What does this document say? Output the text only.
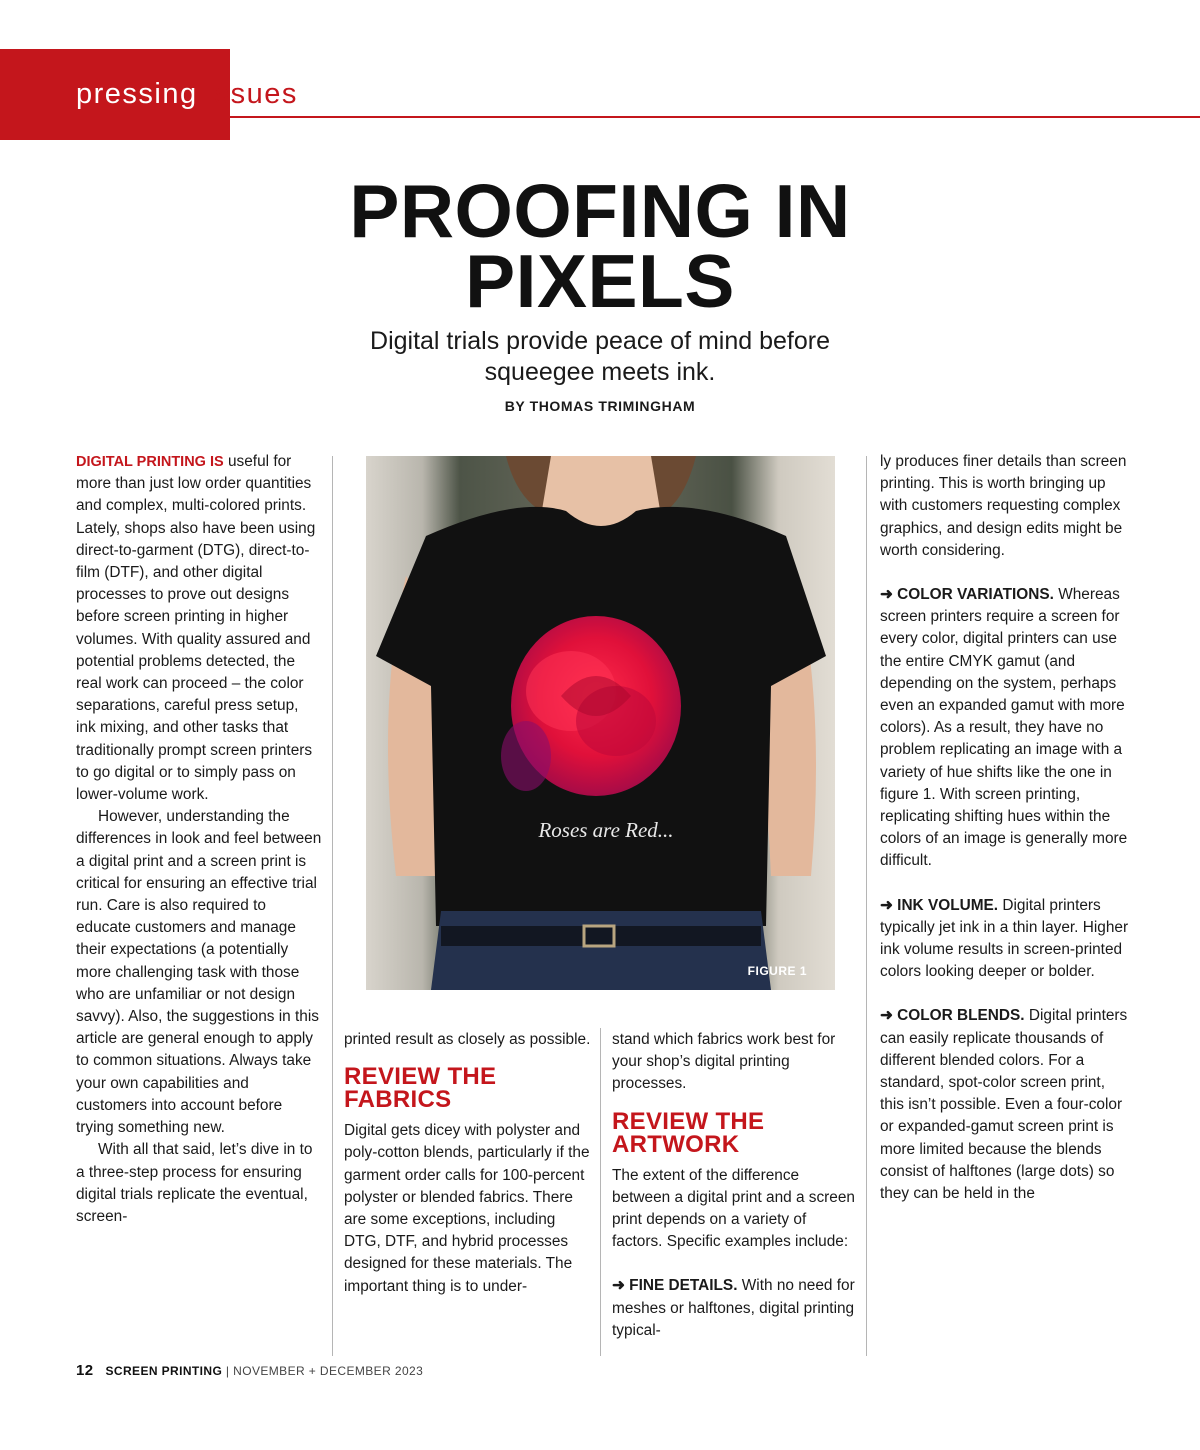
pressing issues
PROOFING IN
PIXELS
Digital trials provide peace of mind before
squeegee meets ink.
BY THOMAS TRIMINGHAM

DIGITAL PRINTING IS useful for more than just low order quantities and complex, multi-colored prints. Lately, shops also have been using direct-to-garment (DTG), direct-to-film (DTF), and other digital processes to prove out designs before screen printing in higher volumes. With quality assured and potential problems detected, the real work can proceed – the color separations, careful press setup, ink mixing, and other tasks that traditionally prompt screen printers to go digital or to simply pass on lower-volume work.

However, understanding the differences in look and feel between a digital print and a screen print is critical for ensuring an effective trial run. Care is also required to educate customers and manage their expectations (a potentially more challenging task with those who are unfamiliar or not design savvy). Also, the suggestions in this article are general enough to apply to common situations. Always take your own capabilities and customers into account before trying something new.

With all that said, let’s dive in to a three-step process for ensuring digital trials replicate the eventual, screen-

Roses are Red...
FIGURE 1

printed result as closely as possible.

REVIEW THE FABRICS

Digital gets dicey with polyster and poly-cotton blends, particularly if the garment order calls for 100-percent polyster or blended fabrics. There are some exceptions, including DTG, DTF, and hybrid processes designed for these materials. The important thing is to under-

stand which fabrics work best for your shop’s digital printing processes.

REVIEW THE ARTWORK

The extent of the difference between a digital print and a screen print depends on a variety of factors. Specific examples include:

➜ FINE DETAILS. With no need for meshes or halftones, digital printing typical-

ly produces finer details than screen printing. This is worth bringing up with customers requesting complex graphics, and design edits might be worth considering.

➜ COLOR VARIATIONS. Whereas screen printers require a screen for every color, digital printers can use the entire CMYK gamut (and depending on the system, perhaps even an expanded gamut with more colors). As a result, they have no problem replicating an image with a variety of hue shifts like the one in figure 1. With screen printing, replicating shifting hues within the colors of an image is generally more difficult.

➜ INK VOLUME. Digital printers typically jet ink in a thin layer. Higher ink volume results in screen-printed colors looking deeper or bolder.

➜ COLOR BLENDS. Digital printers can easily replicate thousands of different blended colors. For a standard, spot-color screen print, this isn’t possible. Even a four-color or expanded-gamut screen print is more limited because the blends consist of halftones (large dots) so they can be held in the

12 SCREEN PRINTING | NOVEMBER + DECEMBER 2023
